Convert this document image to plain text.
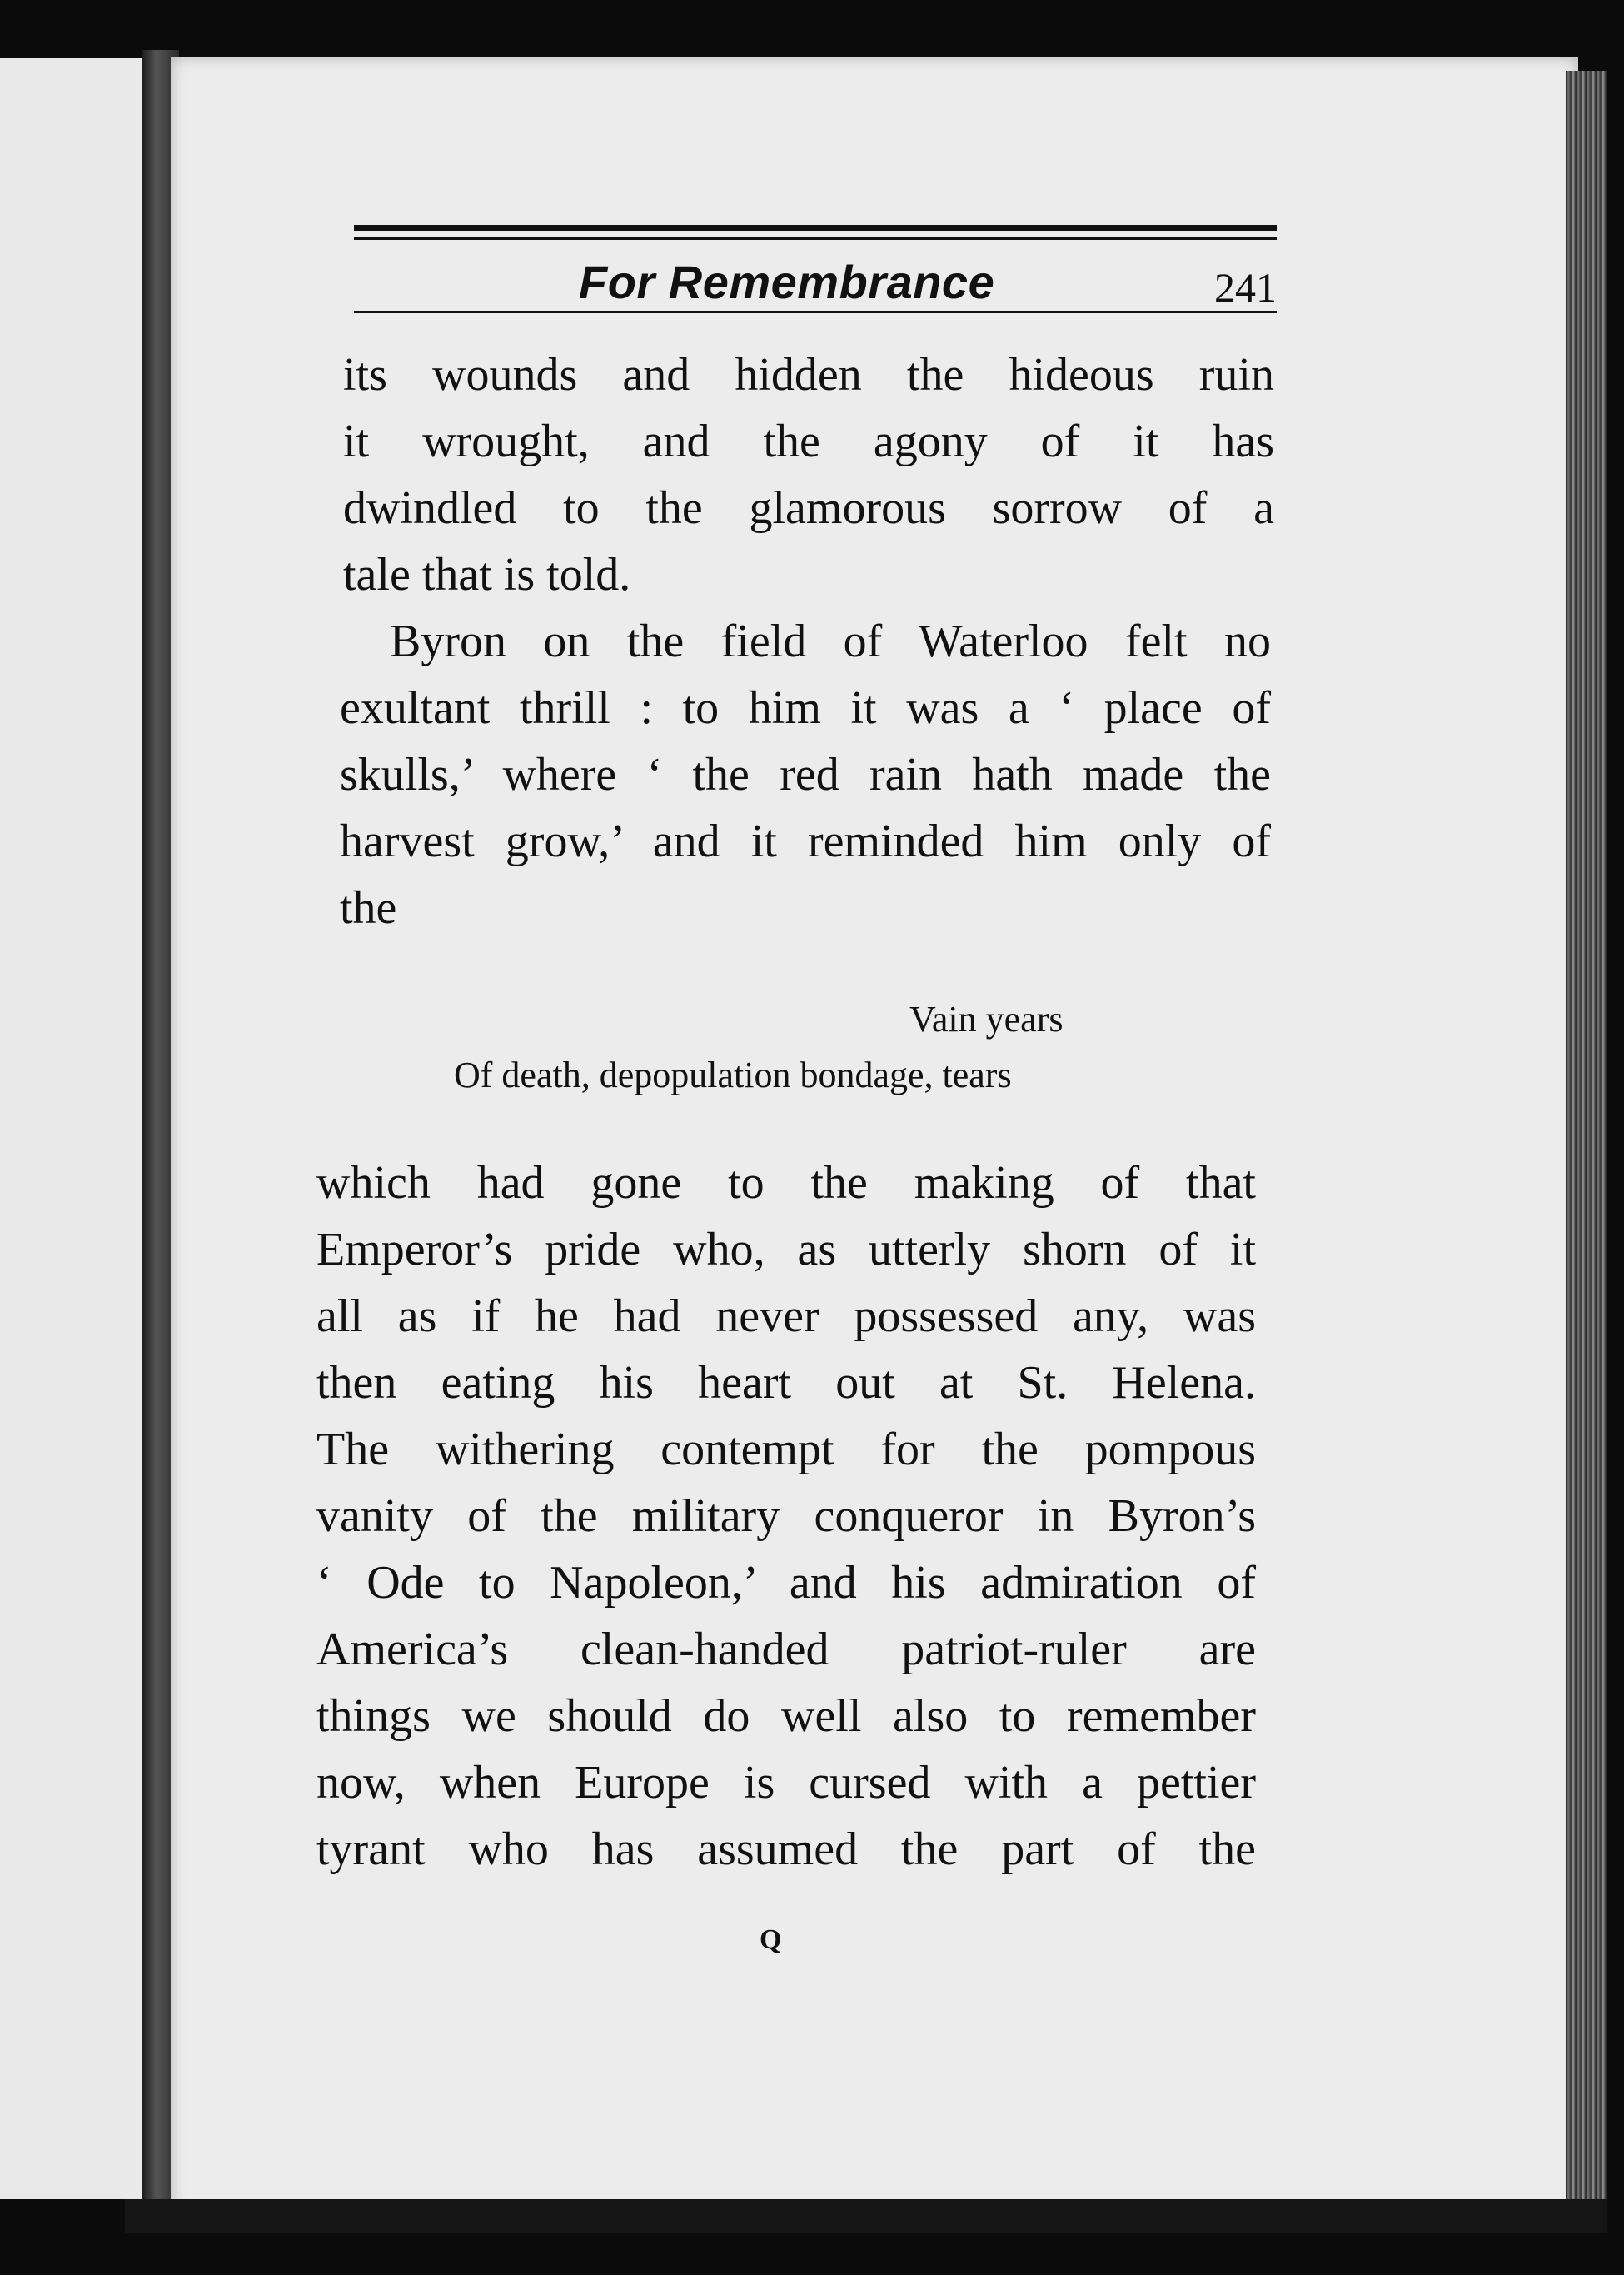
For Remembrance	241
its wounds and hidden the hideous ruin
it wrought, and the agony of it has
dwindled to the glamorous sorrow of a
tale that is told.
Byron on the field of Waterloo felt no
exultant thrill : to him it was a ‘ place of
skulls,’ where ‘ the red rain hath made the
harvest grow,’ and it reminded him only of
the
Vain years
Of death, depopulation bondage, tears
which had gone to the making of that
Emperor’s pride who, as utterly shorn of it
all as if he had never possessed any, was
then eating his heart out at St. Helena.
The withering contempt for the pompous
vanity of the military conqueror in Byron’s
‘ Ode to Napoleon,’ and his admiration of
America’s clean-handed patriot-ruler are
things we should do well also to remember
now, when Europe is cursed with a pettier
tyrant who has assumed the part of the
Q
